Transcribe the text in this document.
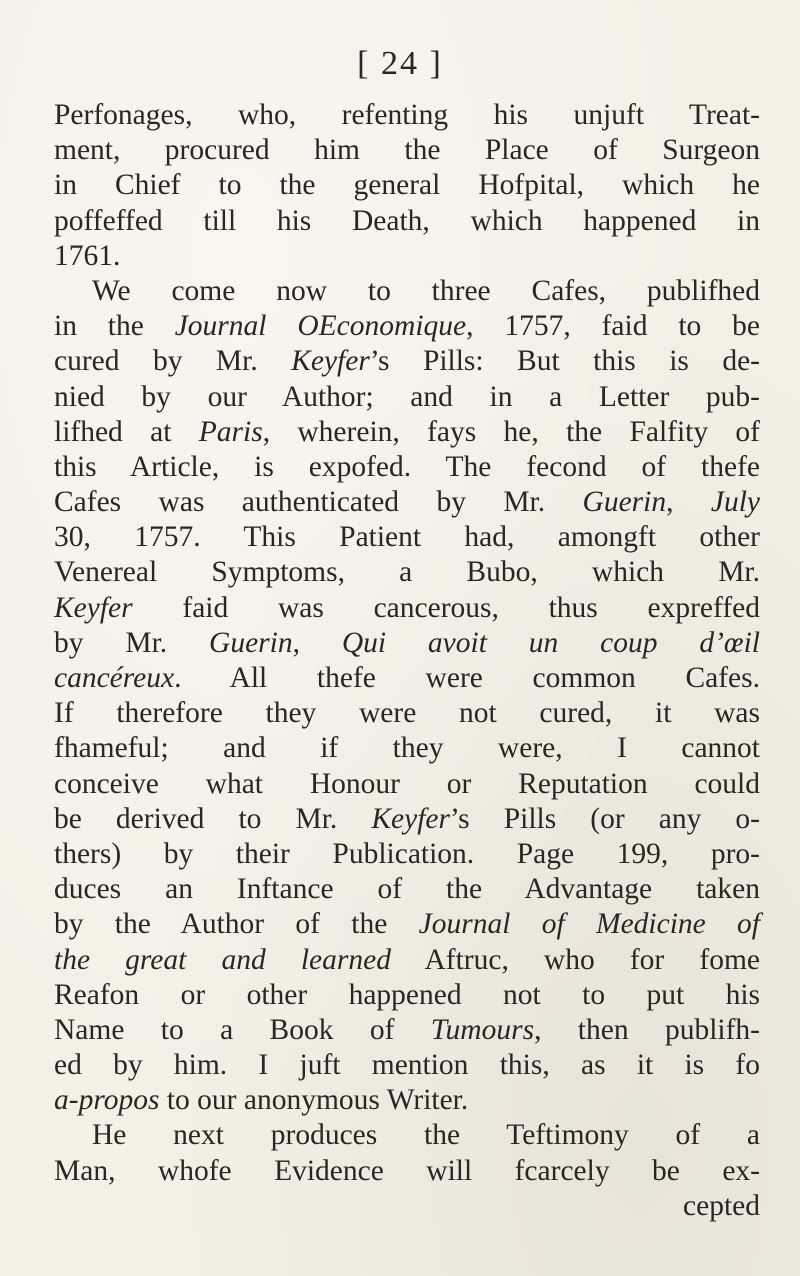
[ 24 ]
Perfonages, who, refenting his unjuft Treat-
ment, procured him the Place of Surgeon
in Chief to the general Hofpital, which he
poffeffed till his Death, which happened in
1761.
We come now to three Cafes, publifhed
in the Journal OEconomique, 1757, faid to be
cured by Mr. Keyfer’s Pills: But this is de-
nied by our Author; and in a Letter pub-
lifhed at Paris, wherein, fays he, the Falfity of
this Article, is expofed. The fecond of thefe
Cafes was authenticated by Mr. Guerin, July
30, 1757. This Patient had, amongft other
Venereal Symptoms, a Bubo, which Mr.
Keyfer faid was cancerous, thus expreffed
by Mr. Guerin, Qui avoit un coup d’œil
cancéreux. All thefe were common Cafes.
If therefore they were not cured, it was
fhameful; and if they were, I cannot
conceive what Honour or Reputation could
be derived to Mr. Keyfer’s Pills (or any o-
thers) by their Publication. Page 199, pro-
duces an Inftance of the Advantage taken
by the Author of the Journal of Medicine of
the great and learned Aftruc, who for fome
Reafon or other happened not to put his
Name to a Book of Tumours, then publifh-
ed by him. I juft mention this, as it is fo
a-propos to our anonymous Writer.
He next produces the Teftimony of a
Man, whofe Evidence will fcarcely be ex-
cepted
